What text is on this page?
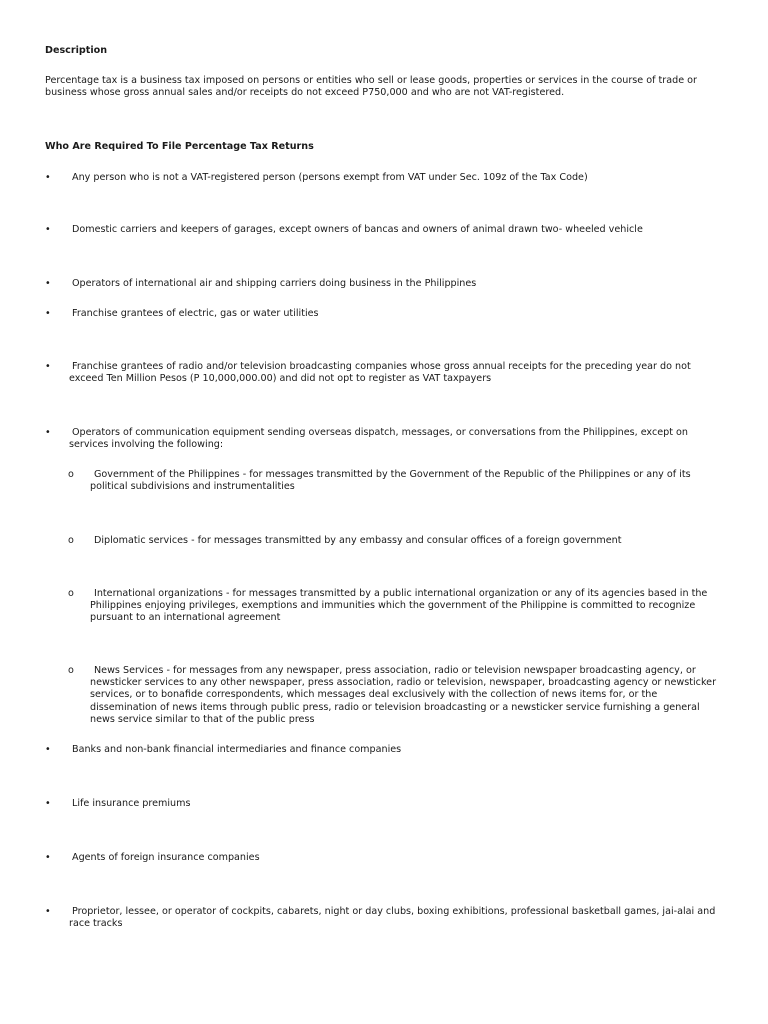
Description
Percentage tax is a business tax imposed on persons or entities who sell or lease goods, properties or services in the course of trade or business whose gross annual sales and/or receipts do not exceed P750,000 and who are not VAT-registered.
Who Are Required To File Percentage Tax Returns
•	Any person who is not a VAT-registered person (persons exempt from VAT under Sec. 109z of the Tax Code)
•	Domestic carriers and keepers of garages, except owners of bancas and owners of animal drawn two- wheeled vehicle
•	Operators of international air and shipping carriers doing business in the Philippines
•	Franchise grantees of electric, gas or water utilities
•	Franchise grantees of radio and/or television broadcasting companies whose gross annual receipts for the preceding year do not exceed Ten Million Pesos (P 10,000,000.00) and did not opt to register as VAT taxpayers
•	Operators of communication equipment sending overseas dispatch, messages, or conversations from the Philippines, except on services involving the following:
o	Government of the Philippines - for messages transmitted by the Government of the Republic of the Philippines or any of its political subdivisions and instrumentalities
o	Diplomatic services - for messages transmitted by any embassy and consular offices of a foreign government
o	International organizations - for messages transmitted by a public international organization or any of its agencies based in the Philippines enjoying privileges, exemptions and immunities which the government of the Philippine is committed to recognize pursuant to an international agreement
o	News Services - for messages from any newspaper, press association, radio or television newspaper broadcasting agency, or newsticker services to any other newspaper, press association, radio or television, newspaper, broadcasting agency or newsticker services, or to bonafide correspondents, which messages deal exclusively with the collection of news items for, or the dissemination of news items through public press, radio or television broadcasting or a newsticker service furnishing a general news service similar to that of the public press
•	Banks and non-bank financial intermediaries and finance companies
•	Life insurance premiums
•	Agents of foreign insurance companies
•	Proprietor, lessee, or operator of cockpits, cabarets, night or day clubs, boxing exhibitions, professional basketball games, jai-alai and race tracks
